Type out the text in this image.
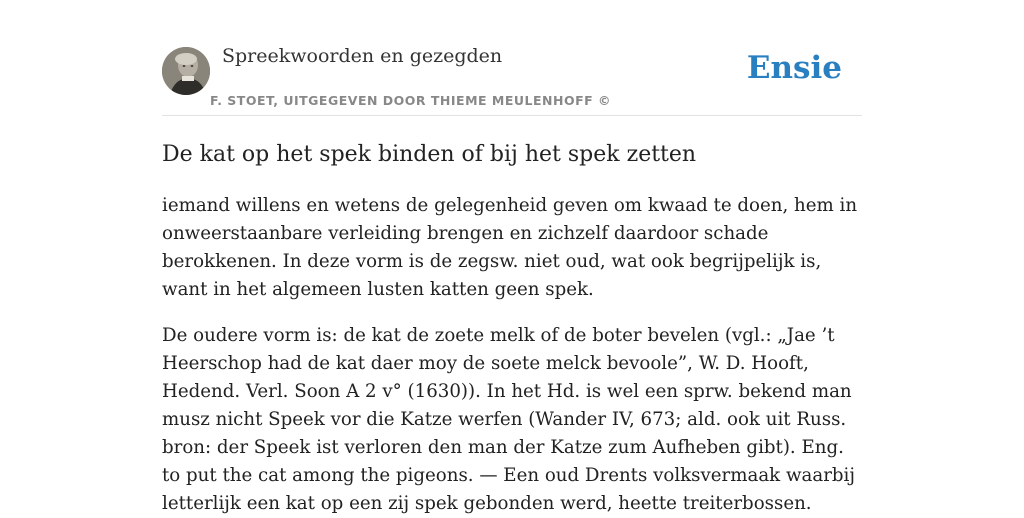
Spreekwoorden en gezegden
F. STOET, UITGEGEVEN DOOR THIEME MEULENHOFF ©
Ensie
De kat op het spek binden of bij het spek zetten

iemand willens en wetens de gelegenheid geven om kwaad te doen, hem in onweerstaanbare verleiding brengen en zichzelf daardoor schade berokkenen. In deze vorm is de zegsw. niet oud, wat ook begrijpelijk is, want in het algemeen lusten katten geen spek.

De oudere vorm is: de kat de zoete melk of de boter bevelen (vgl.: „Jae ’t Heerschop had de kat daer moy de soete melck bevoole”, W. D. Hooft, Hedend. Verl. Soon A 2 v° (1630)). In het Hd. is wel een sprw. bekend man musz nicht Speek vor die Katze werfen (Wander IV, 673; ald. ook uit Russ. bron: der Speek ist verloren den man der Katze zum Aufheben gibt). Eng. to put the cat among the pigeons. — Een oud Drents volksvermaak waarbij letterlijk een kat op een zij spek gebonden werd, heette treiterbossen.
